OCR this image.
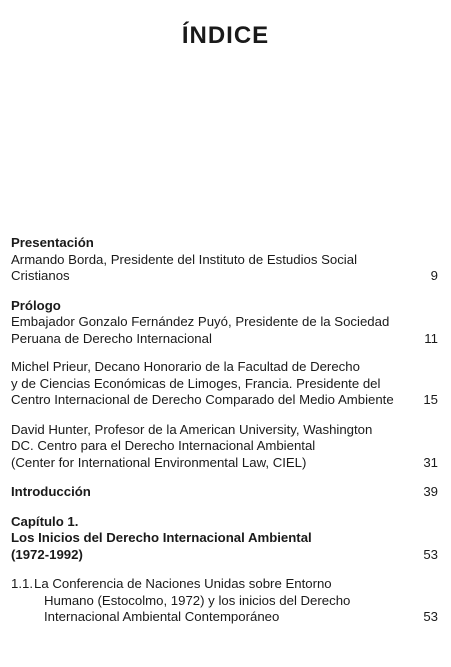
ÍNDICE
Presentación
Armando Borda, Presidente del Instituto de Estudios Social
Cristianos	9
Prólogo
Embajador Gonzalo Fernández Puyó, Presidente de la Sociedad
Peruana de Derecho Internacional	11
Michel Prieur, Decano Honorario de la Facultad de Derecho
y de Ciencias Económicas de Limoges, Francia. Presidente del
Centro Internacional de Derecho Comparado del Medio Ambiente	15
David Hunter, Profesor de la American University, Washington
DC. Centro para el Derecho Internacional Ambiental
(Center for International Environmental Law, CIEL)	31
Introducción	39
Capítulo 1.
Los Inicios del Derecho Internacional Ambiental
(1972-1992)	53
1.1. La Conferencia de Naciones Unidas sobre Entorno
Humano (Estocolmo, 1972) y los inicios del Derecho
Internacional Ambiental Contemporáneo	53
